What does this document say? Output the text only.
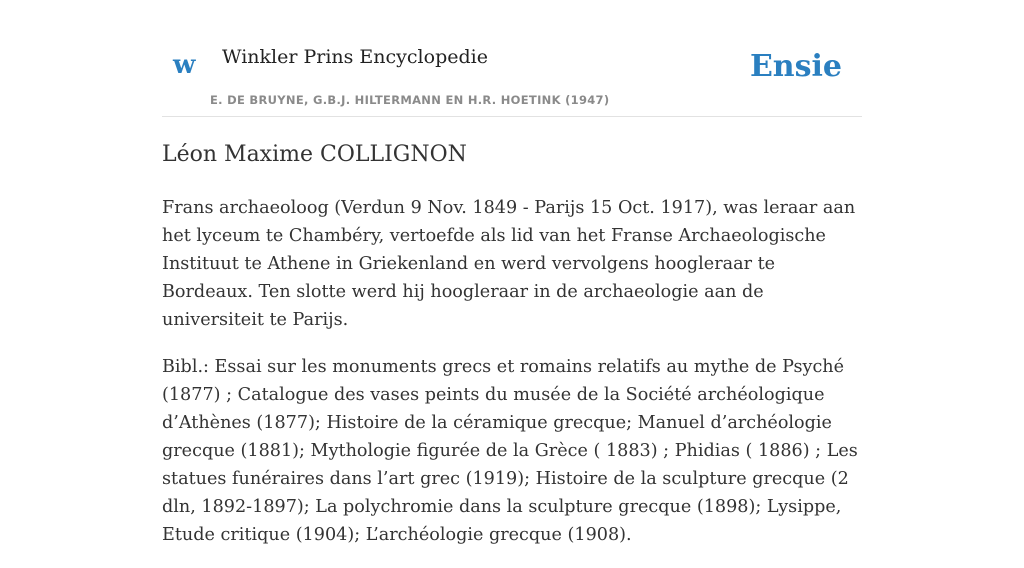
w Winkler Prins Encyclopedie
E. DE BRUYNE, G.B.J. HILTERMANN EN H.R. HOETINK (1947)
Ensie
Léon Maxime COLLIGNON

Frans archaeoloog (Verdun 9 Nov. 1849 - Parijs 15 Oct. 1917), was leraar aan het lyceum te Chambéry, vertoefde als lid van het Franse Archaeologische Instituut te Athene in Griekenland en werd vervolgens hoogleraar te Bordeaux. Ten slotte werd hij hoogleraar in de archaeologie aan de universiteit te Parijs.

Bibl.: Essai sur les monuments grecs et romains relatifs au mythe de Psyché (1877) ; Catalogue des vases peints du musée de la Société archéologique d’Athènes (1877); Histoire de la céramique grecque; Manuel d’archéologie grecque (1881); Mythologie figurée de la Grèce ( 1883) ; Phidias ( 1886) ; Les statues funéraires dans l’art grec (1919); Histoire de la sculpture grecque (2 dln, 1892-1897); La polychromie dans la sculpture grecque (1898); Lysippe, Etude critique (1904); L’archéologie grecque (1908).
